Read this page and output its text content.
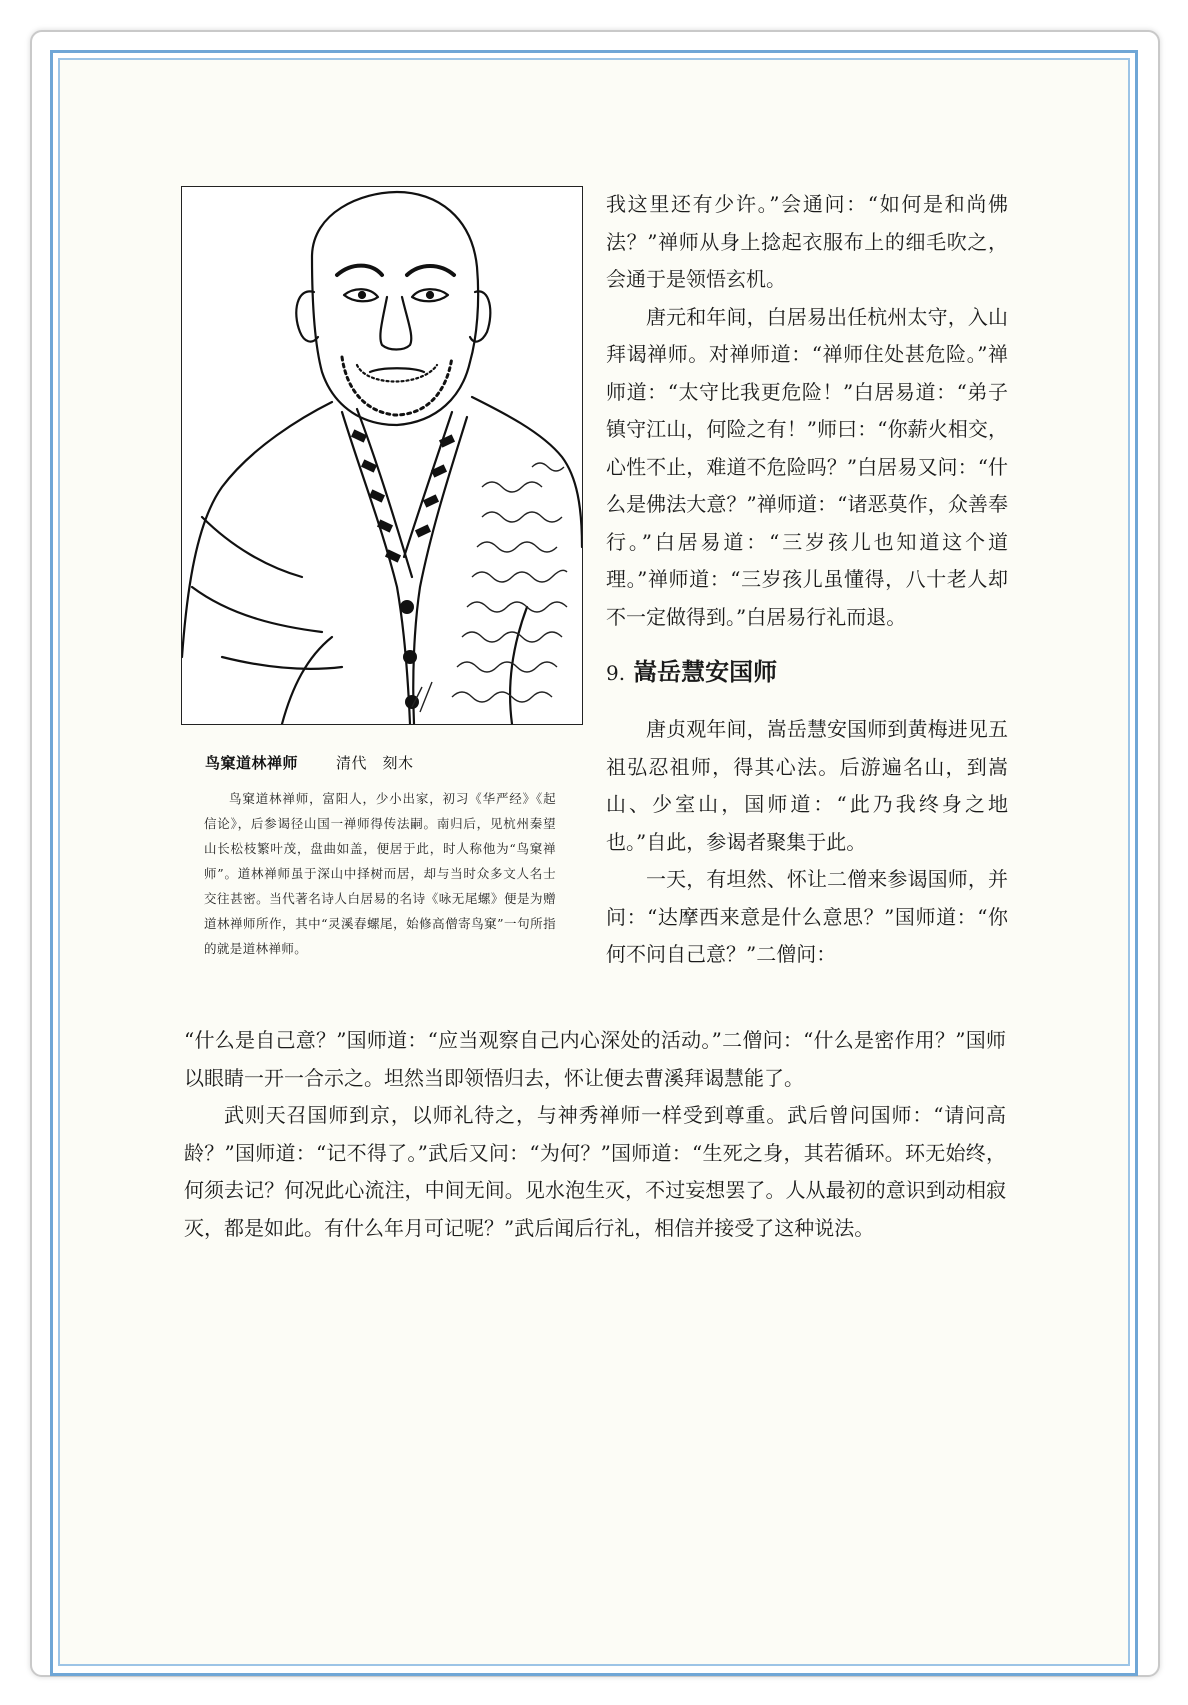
鸟窠道林禅师	清代　刻木
鸟窠道林禅师，富阳人，少小出家，初习《华严经》《起信论》，后参谒径山国一禅师得传法嗣。南归后，见杭州秦望山长松枝繁叶茂，盘曲如盖，便居于此，时人称他为“鸟窠禅师”。道林禅师虽于深山中择树而居，却与当时众多文人名士交往甚密。当代著名诗人白居易的名诗《咏无尾螺》便是为赠道林禅师所作，其中“灵溪春螺尾，始修高僧寄鸟窠”一句所指的就是道林禅师。

我这里还有少许。”会通问：“如何是和尚佛法？”禅师从身上捻起衣服布上的细毛吹之，会通于是领悟玄机。

唐元和年间，白居易出任杭州太守，入山拜谒禅师。对禅师道：“禅师住处甚危险。”禅师道：“太守比我更危险！”白居易道：“弟子镇守江山，何险之有！”师曰：“你薪火相交，心性不止，难道不危险吗？”白居易又问：“什么是佛法大意？”禅师道：“诸恶莫作，众善奉行。”白居易道：“三岁孩儿也知道这个道理。”禅师道：“三岁孩儿虽懂得，八十老人却不一定做得到。”白居易行礼而退。

9. 嵩岳慧安国师

唐贞观年间，嵩岳慧安国师到黄梅进见五祖弘忍祖师，得其心法。后游遍名山，到嵩山、少室山，国师道：“此乃我终身之地也。”自此，参谒者聚集于此。

一天，有坦然、怀让二僧来参谒国师，并问：“达摩西来意是什么意思？”国师道：“你何不问自己意？”二僧问：

“什么是自己意？”国师道：“应当观察自己内心深处的活动。”二僧问：“什么是密作用？”国师以眼睛一开一合示之。坦然当即领悟归去，怀让便去曹溪拜谒慧能了。

武则天召国师到京，以师礼待之，与神秀禅师一样受到尊重。武后曾问国师：“请问高龄？”国师道：“记不得了。”武后又问：“为何？”国师道：“生死之身，其若循环。环无始终，何须去记？何况此心流注，中间无间。见水泡生灭，不过妄想罢了。人从最初的意识到动相寂灭，都是如此。有什么年月可记呢？”武后闻后行礼，相信并接受了这种说法。
